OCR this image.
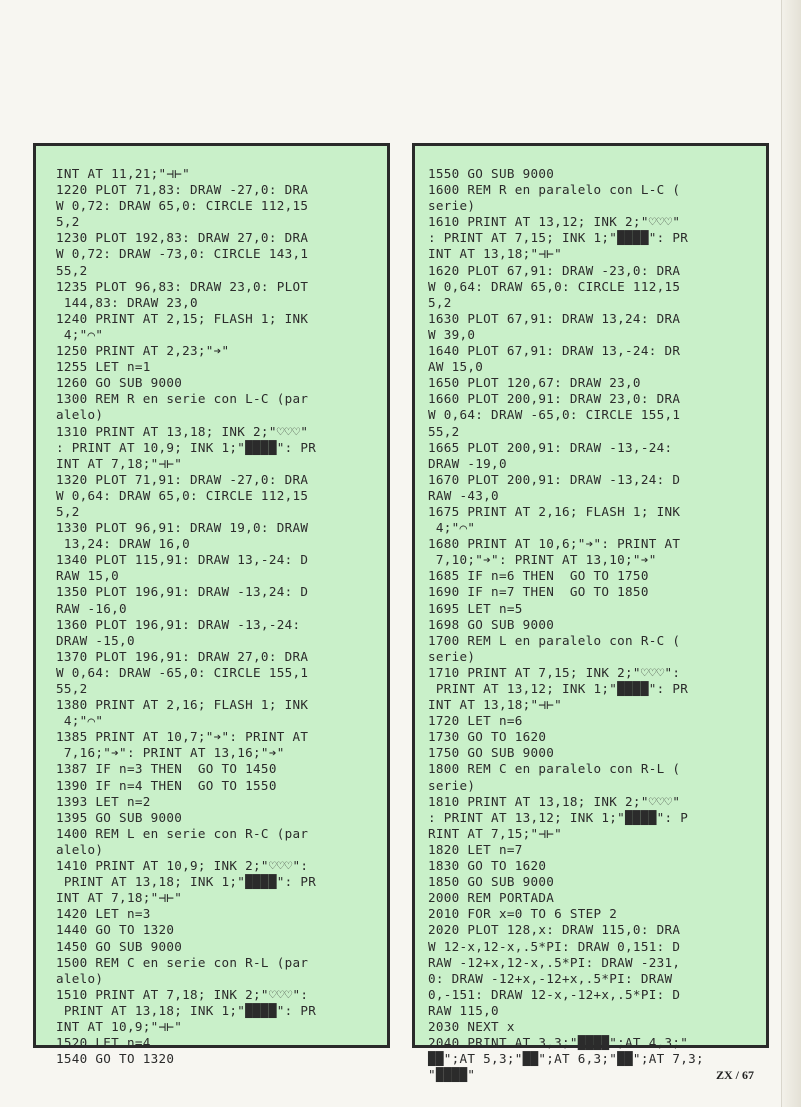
INT AT 11,21;"⊣⊢"
1220 PLOT 71,83: DRAW -27,0: DRA
W 0,72: DRAW 65,0: CIRCLE 112,15
5,2
1230 PLOT 192,83: DRAW 27,0: DRA
W 0,72: DRAW -73,0: CIRCLE 143,1
55,2
1235 PLOT 96,83: DRAW 23,0: PLOT
144,83: DRAW 23,0
1240 PRINT AT 2,15; FLASH 1; INK
4;"⌒"
1250 PRINT AT 2,23;"➔"
1255 LET n=1
1260 GO SUB 9000
1300 REM R en serie con L-C (par
alelo)
1310 PRINT AT 13,18; INK 2;"♡♡♡"
: PRINT AT 10,9; INK 1;"████": PR
INT AT 7,18;"⊣⊢"
1320 PLOT 71,91: DRAW -27,0: DRA
W 0,64: DRAW 65,0: CIRCLE 112,15
5,2
1330 PLOT 96,91: DRAW 19,0: DRAW
13,24: DRAW 16,0
1340 PLOT 115,91: DRAW 13,-24: D
RAW 15,0
1350 PLOT 196,91: DRAW -13,24: D
RAW -16,0
1360 PLOT 196,91: DRAW -13,-24:
DRAW -15,0
1370 PLOT 196,91: DRAW 27,0: DRA
W 0,64: DRAW -65,0: CIRCLE 155,1
55,2
1380 PRINT AT 2,16; FLASH 1; INK
4;"⌒"
1385 PRINT AT 10,7;"➔": PRINT AT
7,16;"➔": PRINT AT 13,16;"➔"
1387 IF n=3 THEN  GO TO 1450
1390 IF n=4 THEN  GO TO 1550
1393 LET n=2
1395 GO SUB 9000
1400 REM L en serie con R-C (par
alelo)
1410 PRINT AT 10,9; INK 2;"♡♡♡":
PRINT AT 13,18; INK 1;"████": PR
INT AT 7,18;"⊣⊢"
1420 LET n=3
1440 GO TO 1320
1450 GO SUB 9000
1500 REM C en serie con R-L (par
alelo)
1510 PRINT AT 7,18; INK 2;"♡♡♡":
PRINT AT 13,18; INK 1;"████": PR
INT AT 10,9;"⊣⊢"
1520 LET n=4
1540 GO TO 1320
1550 GO SUB 9000
1600 REM R en paralelo con L-C (
serie)
1610 PRINT AT 13,12; INK 2;"♡♡♡"
: PRINT AT 7,15; INK 1;"████": PR
INT AT 13,18;"⊣⊢"
1620 PLOT 67,91: DRAW -23,0: DRA
W 0,64: DRAW 65,0: CIRCLE 112,15
5,2
1630 PLOT 67,91: DRAW 13,24: DRA
W 39,0
1640 PLOT 67,91: DRAW 13,-24: DR
AW 15,0
1650 PLOT 120,67: DRAW 23,0
1660 PLOT 200,91: DRAW 23,0: DRA
W 0,64: DRAW -65,0: CIRCLE 155,1
55,2
1665 PLOT 200,91: DRAW -13,-24:
DRAW -19,0
1670 PLOT 200,91: DRAW -13,24: D
RAW -43,0
1675 PRINT AT 2,16; FLASH 1; INK
4;"⌒"
1680 PRINT AT 10,6;"➔": PRINT AT
7,10;"➔": PRINT AT 13,10;"➔"
1685 IF n=6 THEN  GO TO 1750
1690 IF n=7 THEN  GO TO 1850
1695 LET n=5
1698 GO SUB 9000
1700 REM L en paralelo con R-C (
serie)
1710 PRINT AT 7,15; INK 2;"♡♡♡":
PRINT AT 13,12; INK 1;"████": PR
INT AT 13,18;"⊣⊢"
1720 LET n=6
1730 GO TO 1620
1750 GO SUB 9000
1800 REM C en paralelo con R-L (
serie)
1810 PRINT AT 13,18; INK 2;"♡♡♡"
: PRINT AT 13,12; INK 1;"████": P
RINT AT 7,15;"⊣⊢"
1820 LET n=7
1830 GO TO 1620
1850 GO SUB 9000
2000 REM PORTADA
2010 FOR x=0 TO 6 STEP 2
2020 PLOT 128,x: DRAW 115,0: DRA
W 12-x,12-x,.5*PI: DRAW 0,151: D
RAW -12+x,12-x,.5*PI: DRAW -231,
0: DRAW -12+x,-12+x,.5*PI: DRAW
0,-151: DRAW 12-x,-12+x,.5*PI: D
RAW 115,0
2030 NEXT x
2040 PRINT AT 3,3;"████";AT 4,3;"
██";AT 5,3;"██";AT 6,3;"██";AT 7,3;
"████"	ZX / 67
